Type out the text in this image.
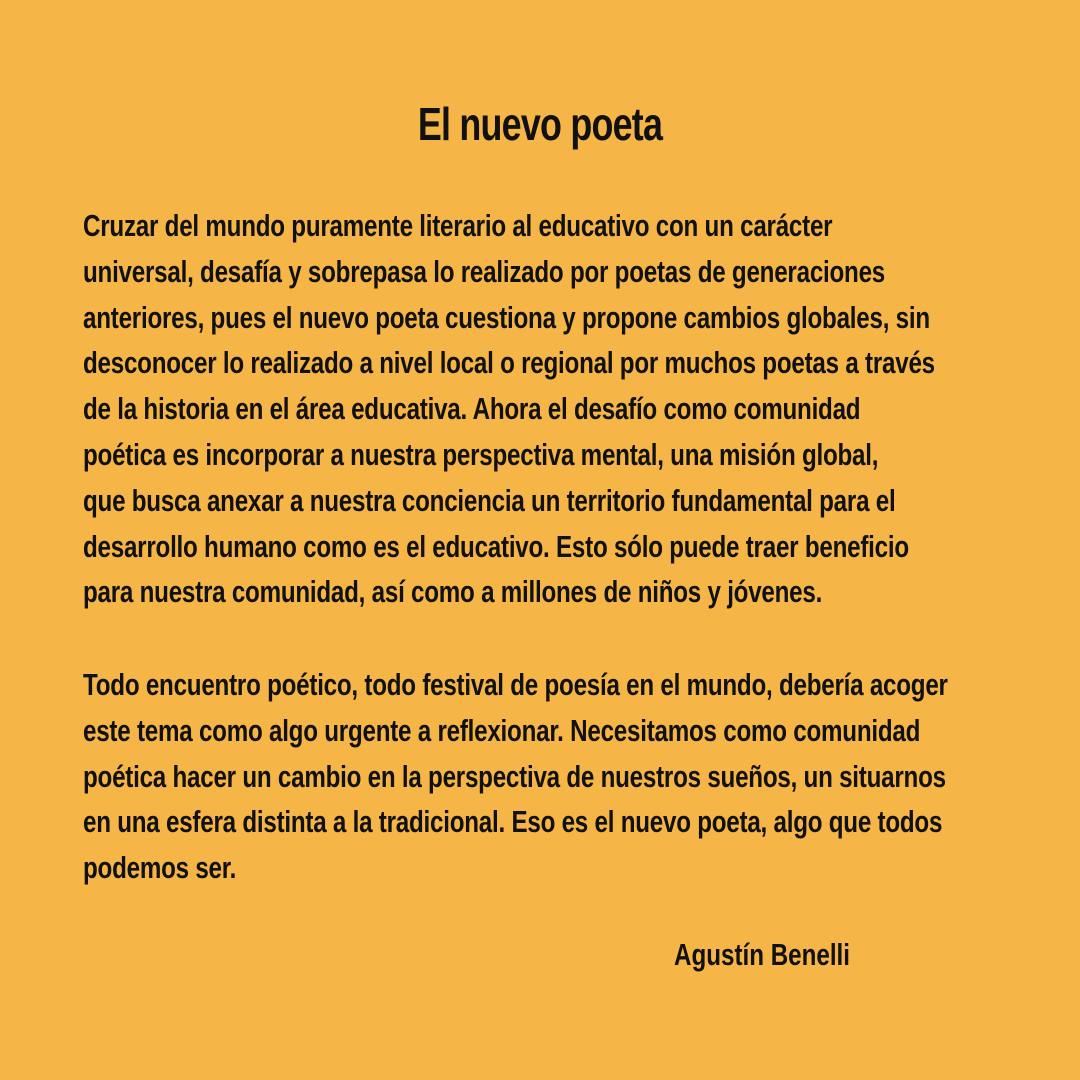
El nuevo poeta

Cruzar del mundo puramente literario al educativo con un carácter
universal, desafía y sobrepasa lo realizado por poetas de generaciones
anteriores, pues el nuevo poeta cuestiona y propone cambios globales, sin
desconocer lo realizado a nivel local o regional por muchos poetas a través
de la historia en el área educativa. Ahora el desafío como comunidad
poética es incorporar a nuestra perspectiva mental, una misión global,
que busca anexar a nuestra conciencia un territorio fundamental para el
desarrollo humano como es el educativo. Esto sólo puede traer beneficio
para nuestra comunidad, así como a millones de niños y jóvenes.

Todo encuentro poético, todo festival de poesía en el mundo, debería acoger
este tema como algo urgente a reflexionar. Necesitamos como comunidad
poética hacer un cambio en la perspectiva de nuestros sueños, un situarnos
en una esfera distinta a la tradicional. Eso es el nuevo poeta, algo que todos
podemos ser.

Agustín Benelli
